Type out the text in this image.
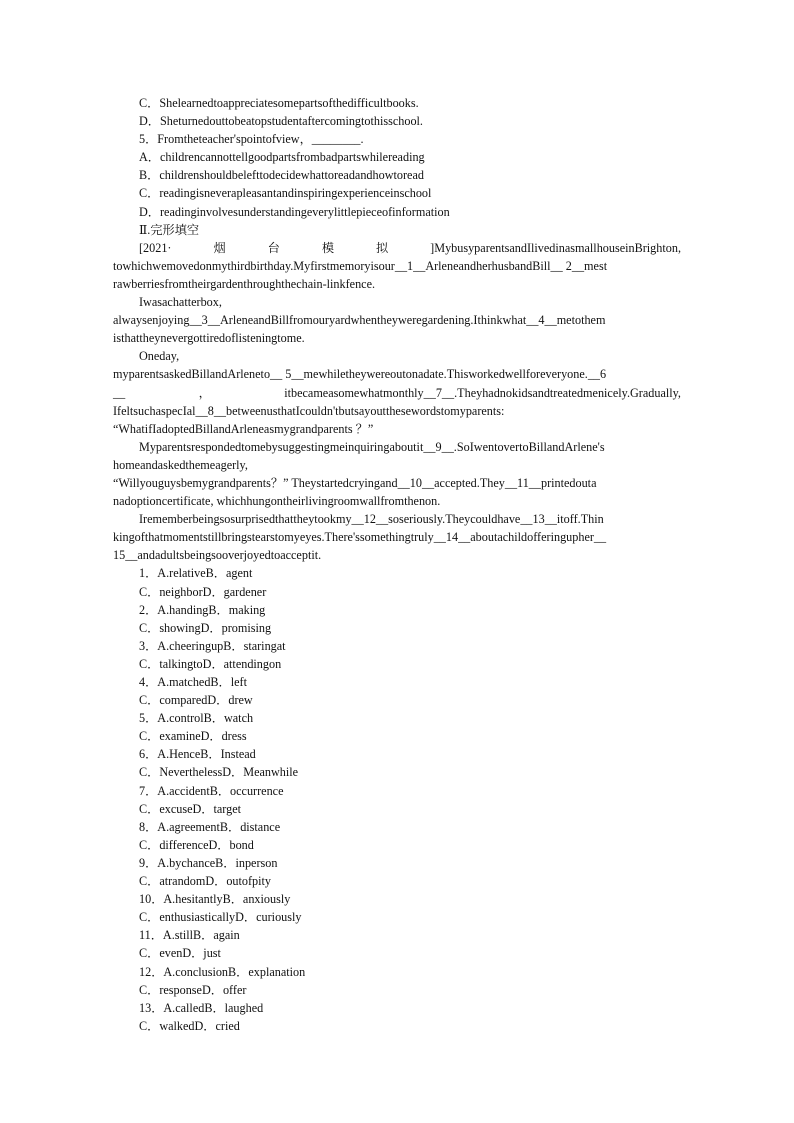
C．Shelearnedtoappreciatesomepartsofthedifficultbooks.
D．Sheturnedouttobeatopstudentaftercomingtothisschool.
5．Fromtheteacher'spointofview，________.
A．childrencannottellgoodpartsfrombadpartswhilereading
B．childrenshouldbelefttodecidewhattoreadandhowtoread
C．readingisneverapleasantandinspiringexperienceinschool
D．readinginvolvesunderstandingeverylittlepieceofinformation
Ⅱ.完形填空
[2021·	烟	台	模	拟	]MybusyparentsandIlivedinasmallhouseinBrighton,
towhichwemovedonmythirdbirthday.Myfirstmemoryisour__1__ArleneandherhusbandBill__ 2__mest
rawberriesfromtheirgardenthroughthechain-linkfence.
Iwasachatterbox,
alwaysenjoying__3__ArleneandBillfromouryardwhentheyweregardening.Ithinkwhat__4__metothem
isthattheynevergottiredoflisteningtome.
Oneday,
myparentsaskedBillandArleneto__ 5__mewhiletheywereoutonadate.Thisworkedwellforeveryone.__6
__	，	itbecameasomewhatmonthly__7__.Theyhadnokidsandtreatedmenicely.Gradually,
IfeltsuchaspecIal__8__betweenusthatIcouldn'tbutsayoutthesewordstomyparents:
“WhatifIadoptedBillandArleneasmygrandparents ？”
Myparentsrespondedtomebysuggestingmeinquiringaboutit__9__.SoIwentovertoBillandArlene's
homeandaskedthemeagerly,
“Willyouguysbemygrandparents？” Theystartedcryingand__10__accepted.They__11__printedouta
nadoptioncertificate, whichhungontheirlivingroomwallfromthenon.
Irememberbeingsosurprisedthattheytookmy__12__soseriously.Theycouldhave__13__itoff.Thin
kingofthatmomentstillbringstearstomyeyes.There'ssomethingtruly__14__aboutachildofferingupher__
15__andadultsbeingsooverjoyedtoacceptit.
1．A.relativeB．agent
C．neighborD．gardener
2．A.handingB．making
C．showingD．promising
3．A.cheeringupB．staringat
C．talkingtoD．attendingon
4．A.matchedB．left
C．comparedD．drew
5．A.controlB．watch
C．examineD．dress
6．A.HenceB．Instead
C．NeverthelessD．Meanwhile
7．A.accidentB．occurrence
C．excuseD．target
8．A.agreementB．distance
C．differenceD．bond
9．A.bychanceB．inperson
C．atrandomD．outofpity
10．A.hesitantlyB．anxiously
C．enthusiasticallyD．curiously
11．A.stillB．again
C．evenD．just
12．A.conclusionB．explanation
C．responseD．offer
13．A.calledB．laughed
C．walkedD．cried
